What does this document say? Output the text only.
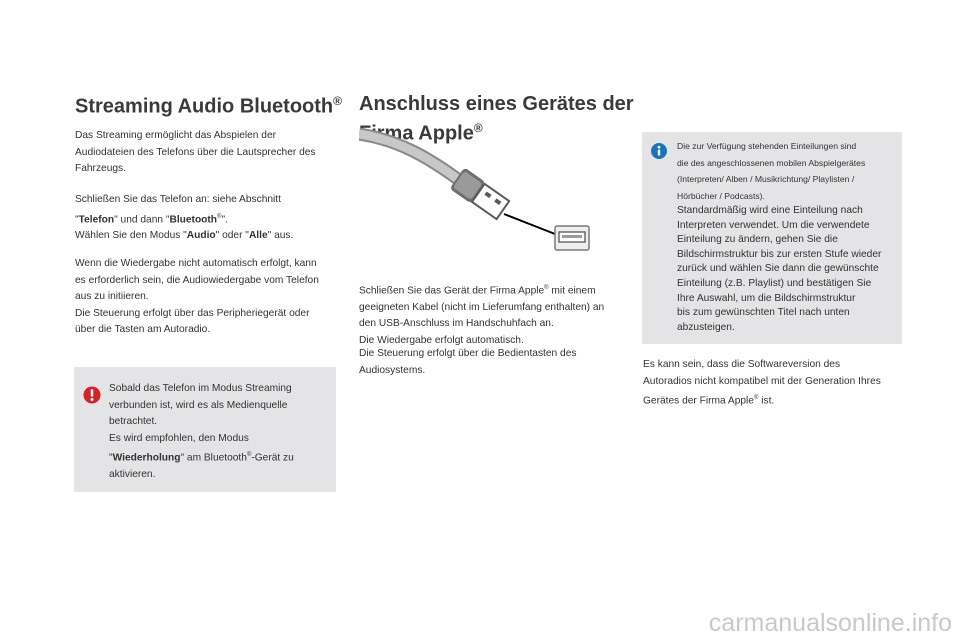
Streaming Audio Bluetooth®

Das Streaming ermöglicht das Abspielen der

Audiodateien des Telefons über die Lautsprecher des

Fahrzeugs.

Schließen Sie das Telefon an: siehe Abschnitt

"Telefon" und dann "Bluetooth®".

Wählen Sie den Modus "Audio" oder "Alle" aus.

Wenn die Wiedergabe nicht automatisch erfolgt, kann

es erforderlich sein, die Audiowiedergabe vom Telefon

aus zu initiieren.

Die Steuerung erfolgt über das Peripheriegerät oder

über die Tasten am Autoradio.

Sobald das Telefon im Modus Streaming

verbunden ist, wird es als Medienquelle

betrachtet.

Es wird empfohlen, den Modus

"Wiederholung" am Bluetooth®-Gerät zu

aktivieren.

Anschluss eines Gerätes der
Firma Apple®

Schließen Sie das Gerät der Firma Apple® mit einem

geeigneten Kabel (nicht im Lieferumfang enthalten) an

den USB-Anschluss im Handschuhfach an.

Die Wiedergabe erfolgt automatisch.

Die Steuerung erfolgt über die Bedientasten des

Audiosystems.

Die zur Verfügung stehenden Einteilungen sind

die des angeschlossenen mobilen Abspielgerätes

(Interpreten/ Alben / Musikrichtung/ Playlisten /

Hörbücher / Podcasts).

Standardmäßig wird eine Einteilung nach

Interpreten verwendet. Um die verwendete

Einteilung zu ändern, gehen Sie die

Bildschirmstruktur bis zur ersten Stufe wieder

zurück und wählen Sie dann die gewünschte

Einteilung (z.B. Playlist) und bestätigen Sie

Ihre Auswahl, um die Bildschirmstruktur

bis zum gewünschten Titel nach unten

abzusteigen.

Es kann sein, dass die Softwareversion des

Autoradios nicht kompatibel mit der Generation Ihres

Gerätes der Firma Apple® ist.

carmanualsonline.info
